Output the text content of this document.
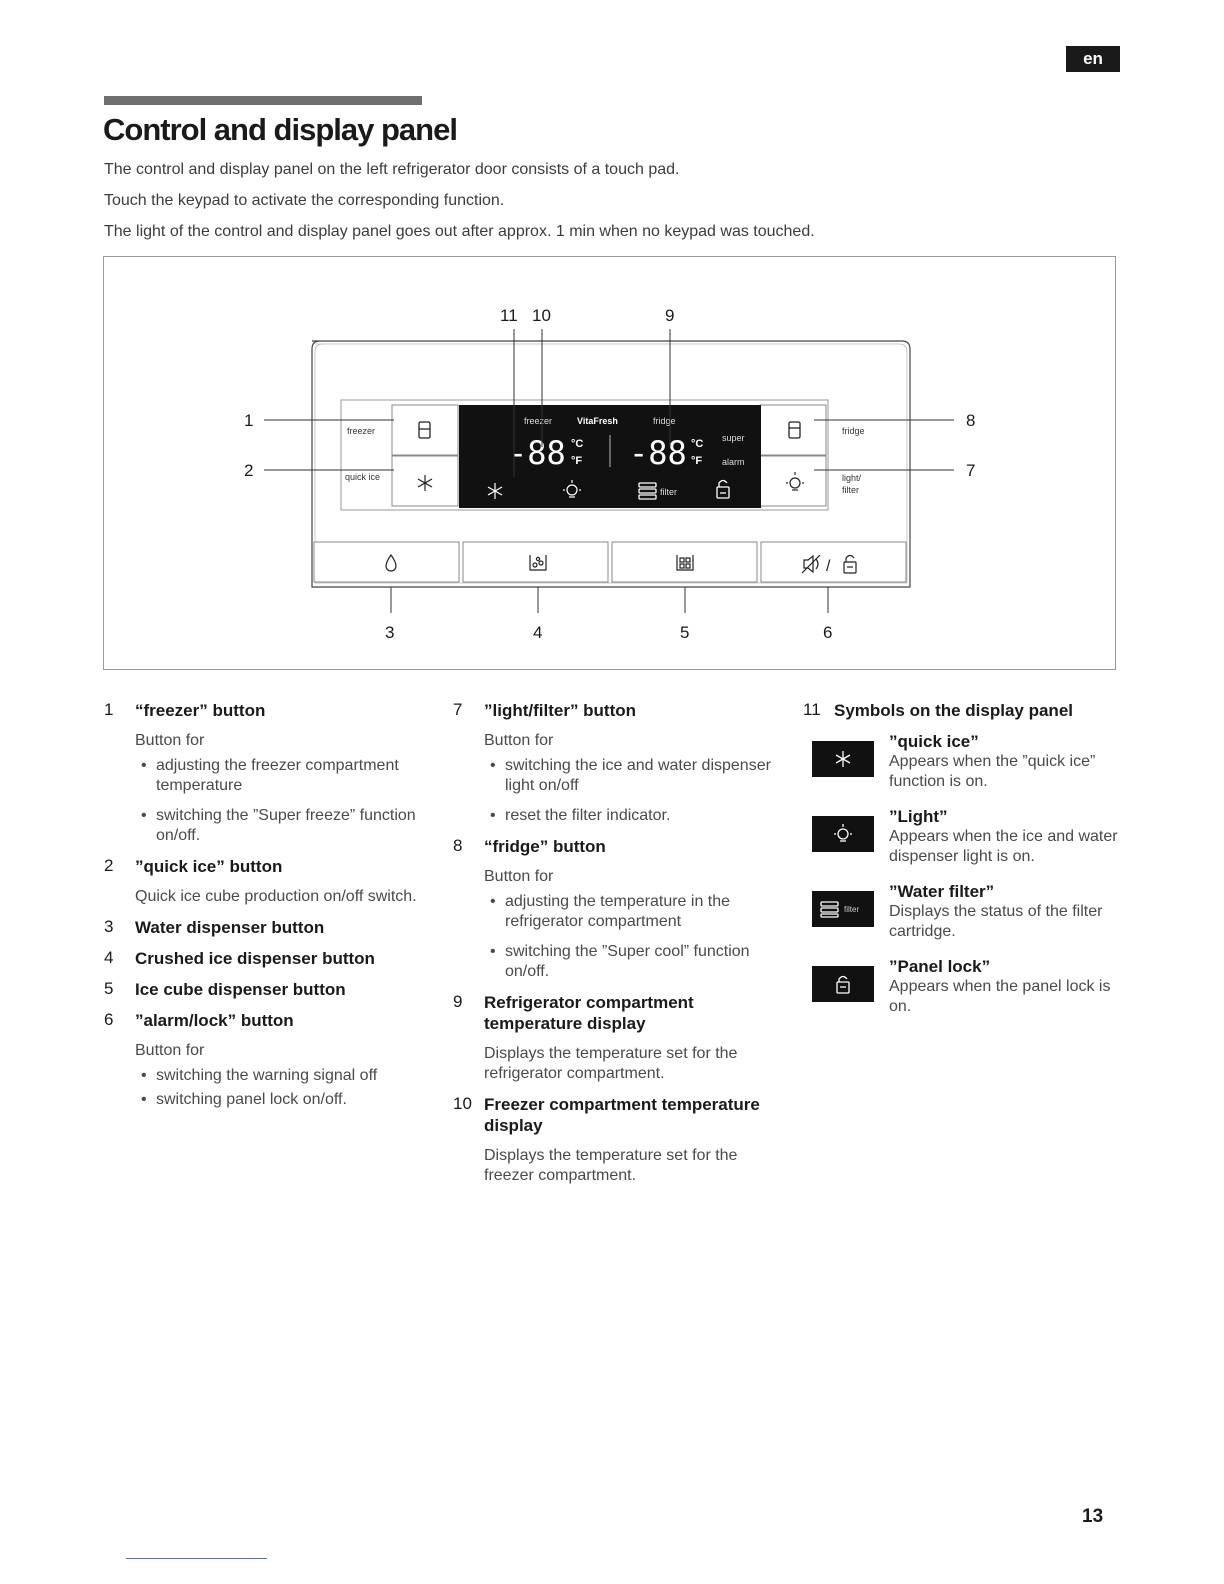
en
Control and display panel

The control and display panel on the left refrigerator door consists of a touch pad.

Touch the keypad to activate the corresponding function.

The light of the control and display panel goes out after approx. 1 min when no keypad was touched.

freezer
quick ice
fridge
light/
filter
freezer	VitaFresh	fridge
-88 °C
°F -88 °C
°F
super
alarm
filter
/
1
2
8
7
11 10	9
3	4	5	6
1 “freezer” button

Button for

• adjusting the freezer compartment temperature
• switching the ”Super freeze” function on/off.
2 ”quick ice” button

Quick ice cube production on/off switch.

3 Water dispenser button

4 Crushed ice dispenser button

5 Ice cube dispenser button

6 ”alarm/lock” button

Button for

• switching the warning signal off
• switching panel lock on/off.
7 ”light/filter” button

Button for

• switching the ice and water dispenser light on/off
• reset the filter indicator.
8 “fridge” button

Button for

• adjusting the temperature in the refrigerator compartment
• switching the ”Super cool” function on/off.
9 Refrigerator compartment temperature display

Displays the temperature set for the refrigerator compartment.

10 Freezer compartment temperature display

Displays the temperature set for the freezer compartment.

11 Symbols on the display panel

”quick ice”
Appears when the ”quick ice” function is on.
”Light”
Appears when the ice and water dispenser light is on.
filter
”Water filter”
Displays the status of the filter cartridge.
”Panel lock”
Appears when the panel lock is on.
13
